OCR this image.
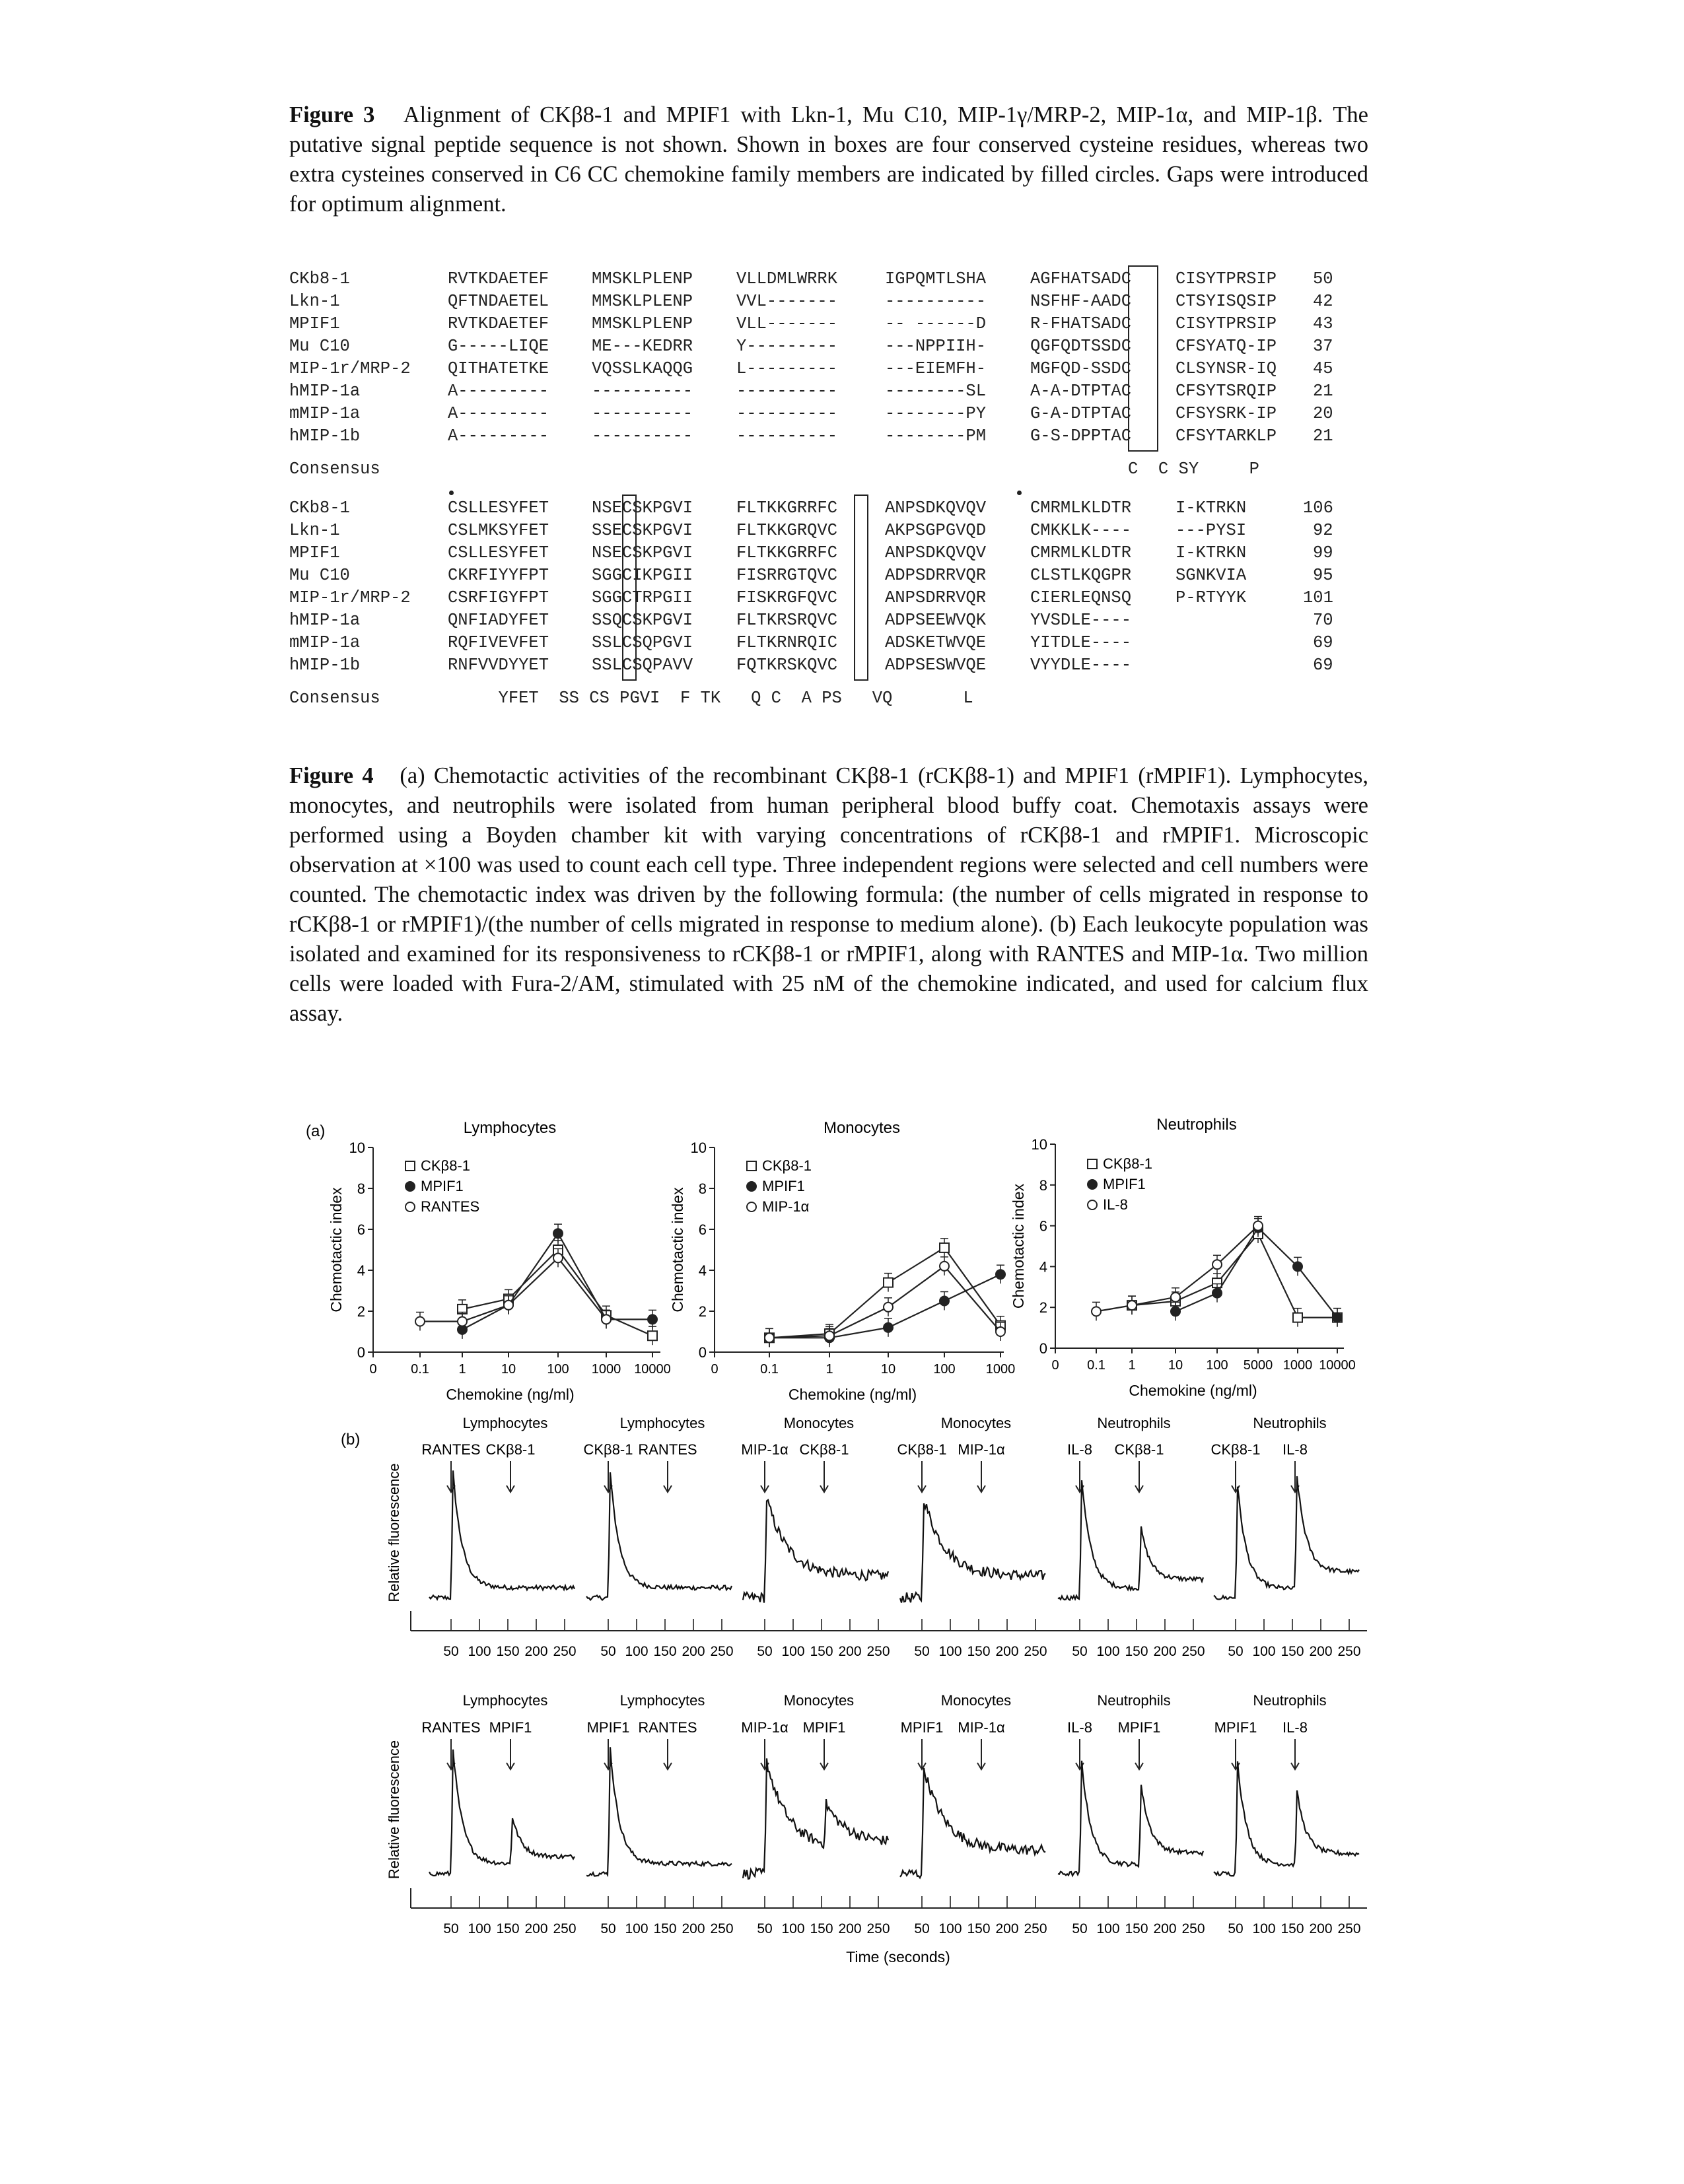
Figure 3 Alignment of CKβ8-1 and MPIF1 with Lkn-1, Mu C10, MIP-1γ/MRP-2, MIP-1α, and MIP-1β. The putative signal peptide sequence is not shown. Shown in boxes are four conserved cysteine residues, whereas two extra cysteines conserved in C6 CC chemokine family members are indicated by filled circles. Gaps were introduced for optimum alignment.
CKb8-1	RVTKDAETEF	MMSKLPLENP	VLLDMLWRRK	IGPQMTLSHA	AGFHATSADC	CISYTPRSIP 50
Lkn-1	QFTNDAETEL	MMSKLPLENP	VVL-------	----------	NSFHF-AADC	CTSYISQSIP 42
MPIF1	RVTKDAETEF	MMSKLPLENP	VLL-------	-- ------D	R-FHATSADC	CISYTPRSIP 43
Mu C10	G-----LIQE	ME---KEDRR	Y---------	---NPPIIH-	QGFQDTSSDC	CFSYATQ-IP 37
MIP-1r/MRP-2 QITHATETKE	VQSSLKAQQG	L---------	---EIEMFH-	MGFQD-SSDC	CLSYNSR-IQ 45
hMIP-1a	A---------	----------	----------	--------SL	A-A-DTPTAC	CFSYTSRQIP 21
mMIP-1a	A---------	----------	----------	--------PY	G-A-DTPTAC	CFSYSRK-IP 20
hMIP-1b	A---------	----------	----------	--------PM	G-S-DPPTAC	CFSYTARKLP 21
Consensus	C  C SY     P
CKb8-1	CSLLESYFET	NSECSKPGVI	FLTKKGRRFC	ANPSDKQVQV	CMRMLKLDTR	I-KTRKN	106
Lkn-1	CSLMKSYFET	SSECSKPGVI	FLTKKGRQVC	AKPSGPGVQD	CMKKLK----	---PYSI	92
MPIF1	CSLLESYFET	NSECSKPGVI	FLTKKGRRFC	ANPSDKQVQV	CMRMLKLDTR	I-KTRKN	99
Mu C10	CKRFIYYFPT	SGGCIKPGII	FISRRGTQVC	ADPSDRRVQR	CLSTLKQGPR	SGNKVIA	95
MIP-1r/MRP-2 CSRFIGYFPT	SGGCTRPGII	FISKRGFQVC	ANPSDRRVQR	CIERLEQNSQ	P-RTYYK	101
hMIP-1a	QNFIADYFET	SSQCSKPGVI	FLTKRSRQVC	ADPSEEWVQK	YVSDLE----	70
mMIP-1a	RQFIVEVFET	SSLCSQPGVI	FLTKRNRQIC	ADSKETWVQE	YITDLE----	69
hMIP-1b	RNFVVDYYET	SSLCSQPAVV	FQTKRSKQVC	ADPSESWVQE	VYYDLE----	69
Consensus	YFET  SS CS PGVI  F TK   Q C  A PS   VQ       L
Figure 4 (a) Chemotactic activities of the recombinant CKβ8-1 (rCKβ8-1) and MPIF1 (rMPIF1). Lymphocytes, monocytes, and neutrophils were isolated from human peripheral blood buffy coat. Chemotaxis assays were performed using a Boyden chamber kit with varying concentrations of rCKβ8-1 and rMPIF1. Microscopic observation at ×100 was used to count each cell type. Three independent regions were selected and cell numbers were counted. The chemotactic index was driven by the following formula: (the number of cells migrated in response to rCKβ8-1 or rMPIF1)/(the number of cells migrated in response to medium alone). (b) Each leukocyte population was isolated and examined for its responsiveness to rCKβ8-1 or rMPIF1, along with RANTES and MIP-1α. Two million cells were loaded with Fura-2/AM, stimulated with 25 nM of the chemokine indicated, and used for calcium flux assay.
(a)
(b)
Lymphocytes
0
2
4
6
8
10
0	0.1 1	10 100 1000 10000
Chemokine (ng/ml)
Chemotactic index
CKβ8-1
MPIF1
RANTES
Monocytes
0
2
4
6
8
10
0	0.1	1	10	100 1000
Chemokine (ng/ml)
Chemotactic index
CKβ8-1
MPIF1
MIP-1α
Neutrophils
0
2
4
6
8
10
0 0.1 1 10 100 5000 1000 10000
Chemokine (ng/ml)
Chemotactic index
CKβ8-1
MPIF1
IL-8
Relative fluorescence
Lymphocytes
RANTES CKβ8-1
50 100 150 200 250
Lymphocytes
CKβ8-1 RANTES
50 100 150 200 250
Monocytes
MIP-1α CKβ8-1
50 100 150 200 250
Monocytes
CKβ8-1 MIP-1α
50 100 150 200 250
Neutrophils
IL-8 CKβ8-1
50 100 150 200 250
Neutrophils
CKβ8-1 IL-8
50 100 150 200 250
Relative fluorescence
Lymphocytes
RANTES MPIF1
50 100 150 200 250
Lymphocytes
MPIF1 RANTES
50 100 150 200 250
Monocytes
MIP-1α MPIF1
50 100 150 200 250
Monocytes
MPIF1 MIP-1α
50 100 150 200 250
Neutrophils
IL-8 MPIF1
50 100 150 200 250
Neutrophils
MPIF1 IL-8
50 100 150 200 250
Time (seconds)
